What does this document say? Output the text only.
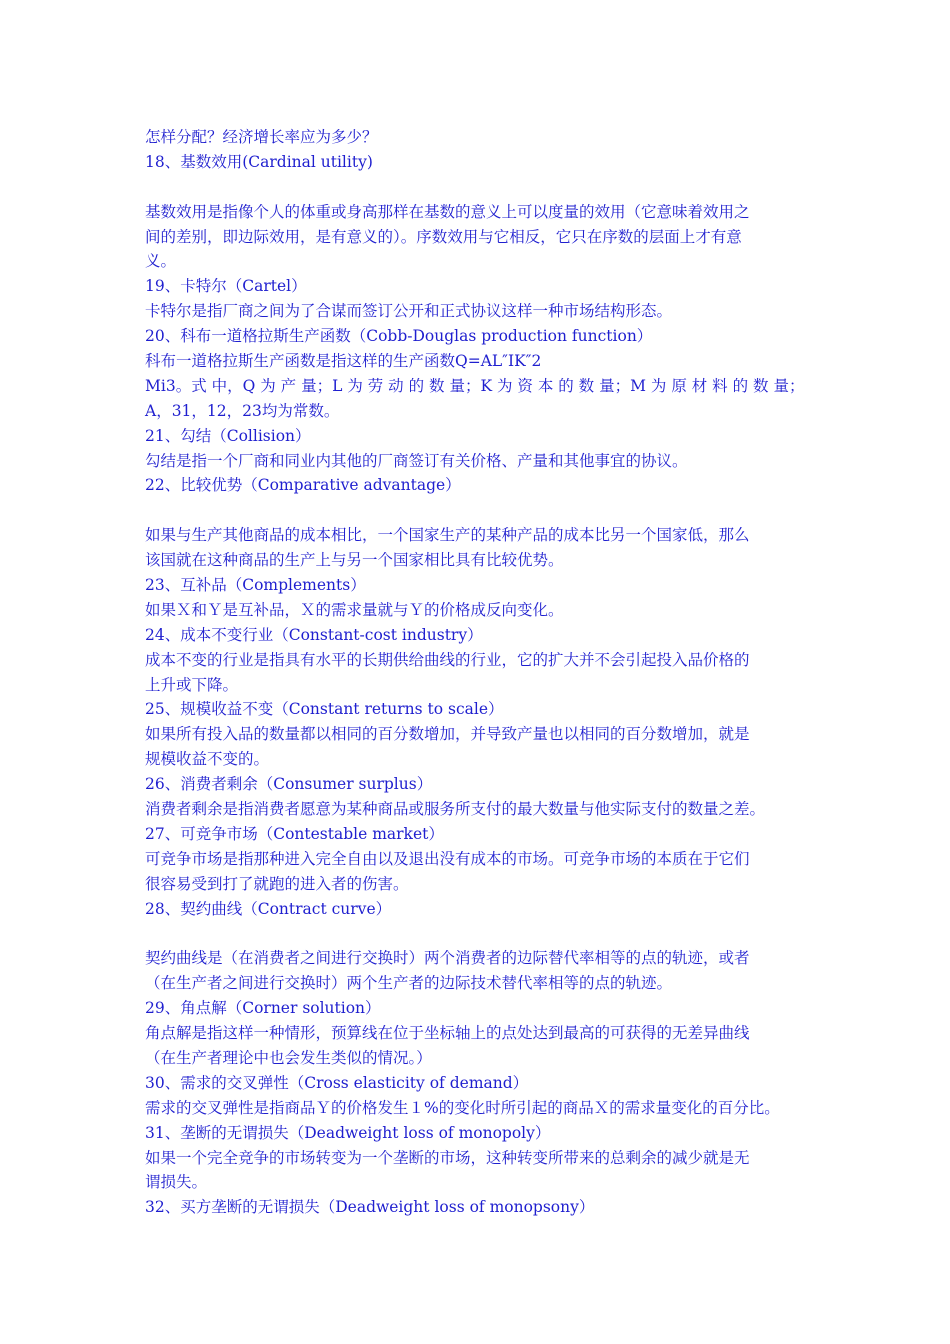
怎样分配？经济增长率应为多少？
18、基数效用(Cardinal utility)
基数效用是指像个人的体重或身高那样在基数的意义上可以度量的效用（它意味着效用之
间的差别，即边际效用，是有意义的）。序数效用与它相反，它只在序数的层面上才有意
义。
19、卡特尔（Cartel）
卡特尔是指厂商之间为了合谋而签订公开和正式协议这样一种市场结构形态。
20、科布一道格拉斯生产函数（Cobb-Douglas production function）
科布一道格拉斯生产函数是指这样的生产函数Q=AL″IK″2
Mi3。式 中，Q 为 产 量；L 为 劳 动 的 数 量；K 为 资 本 的 数 量；M 为 原 材 料 的 数 量；
A，31，12，23均为常数。
21、勾结（Collision）
勾结是指一个厂商和同业内其他的厂商签订有关价格、产量和其他事宜的协议。
22、比较优势（Comparative advantage）
如果与生产其他商品的成本相比，一个国家生产的某种产品的成本比另一个国家低，那么
该国就在这种商品的生产上与另一个国家相比具有比较优势。
23、互补品（Complements）
如果Ｘ和Ｙ是互补品，Ｘ的需求量就与Ｙ的价格成反向变化。
24、成本不变行业（Constant-cost industry）
成本不变的行业是指具有水平的长期供给曲线的行业，它的扩大并不会引起投入品价格的
上升或下降。
25、规模收益不变（Constant returns to scale）
如果所有投入品的数量都以相同的百分数增加，并导致产量也以相同的百分数增加，就是
规模收益不变的。
26、消费者剩余（Consumer surplus）
消费者剩余是指消费者愿意为某种商品或服务所支付的最大数量与他实际支付的数量之差。
27、可竞争市场（Contestable market）
可竞争市场是指那种进入完全自由以及退出没有成本的市场。可竞争市场的本质在于它们
很容易受到打了就跑的进入者的伤害。
28、契约曲线（Contract curve）
契约曲线是（在消费者之间进行交换时）两个消费者的边际替代率相等的点的轨迹，或者
（在生产者之间进行交换时）两个生产者的边际技术替代率相等的点的轨迹。
29、角点解（Corner solution）
角点解是指这样一种情形，预算线在位于坐标轴上的点处达到最高的可获得的无差异曲线
（在生产者理论中也会发生类似的情况。）
30、需求的交叉弹性（Cross elasticity of demand）
需求的交叉弹性是指商品Ｙ的价格发生１%的变化时所引起的商品Ｘ的需求量变化的百分比。
31、垄断的无谓损失（Deadweight loss of monopoly）
如果一个完全竞争的市场转变为一个垄断的市场，这种转变所带来的总剩余的减少就是无
谓损失。
32、买方垄断的无谓损失（Deadweight loss of monopsony）
